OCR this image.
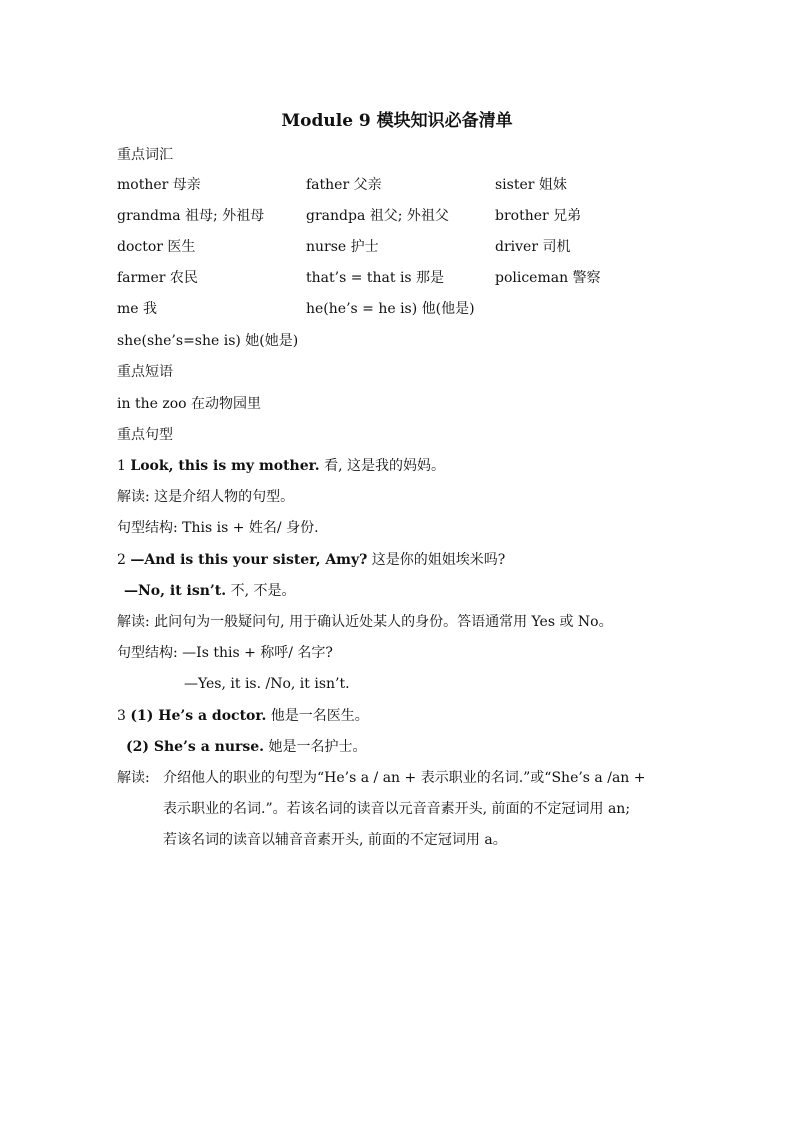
Module 9 模块知识必备清单
重点词汇
mother 母亲	father 父亲	sister 姐妹
grandma 祖母; 外祖母	grandpa 祖父; 外祖父	brother 兄弟
doctor 医生	nurse 护士	driver 司机
farmer 农民	that’s = that is 那是	policeman 警察
me 我	he(he’s = he is) 他(他是)
she(she’s=she is) 她(她是)
重点短语
in the zoo 在动物园里
重点句型
1 Look, this is my mother. 看, 这是我的妈妈。
解读: 这是介绍人物的句型。
句型结构: This is + 姓名/ 身份.
2 —And is this your sister, Amy? 这是你的姐姐埃米吗?
—No, it isn’t. 不, 不是。
解读: 此问句为一般疑问句, 用于确认近处某人的身份。答语通常用 Yes 或 No。
句型结构: —Is this + 称呼/ 名字?
—Yes, it is. /No, it isn’t.
3 (1) He’s a doctor. 他是一名医生。
(2) She’s a nurse. 她是一名护士。
解读: 介绍他人的职业的句型为“He’s a / an + 表示职业的名词.”或“She’s a /an +
表示职业的名词.”。若该名词的读音以元音音素开头, 前面的不定冠词用 an;
若该名词的读音以辅音音素开头, 前面的不定冠词用 a。
